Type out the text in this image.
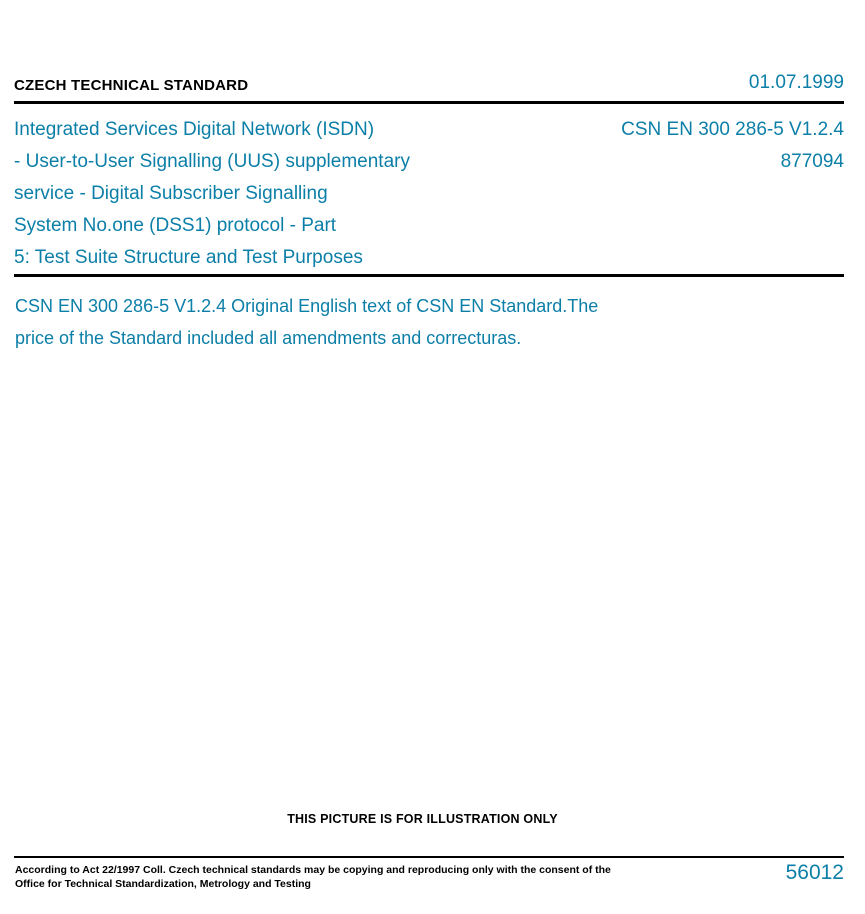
CZECH TECHNICAL STANDARD	01.07.1999
Integrated Services Digital Network (ISDN)
- User-to-User Signalling (UUS) supplementary
service - Digital Subscriber Signalling
System No.one (DSS1) protocol - Part
5: Test Suite Structure and Test Purposes
CSN EN 300 286-5 V1.2.4
877094
CSN EN 300 286-5 V1.2.4 Original English text of CSN EN Standard.The
price of the Standard included all amendments and correcturas.
THIS PICTURE IS FOR ILLUSTRATION ONLY
According to Act 22/1997 Coll. Czech technical standards may be copying and reproducing only with the consent of the Office for Technical Standardization, Metrology and Testing	56012
